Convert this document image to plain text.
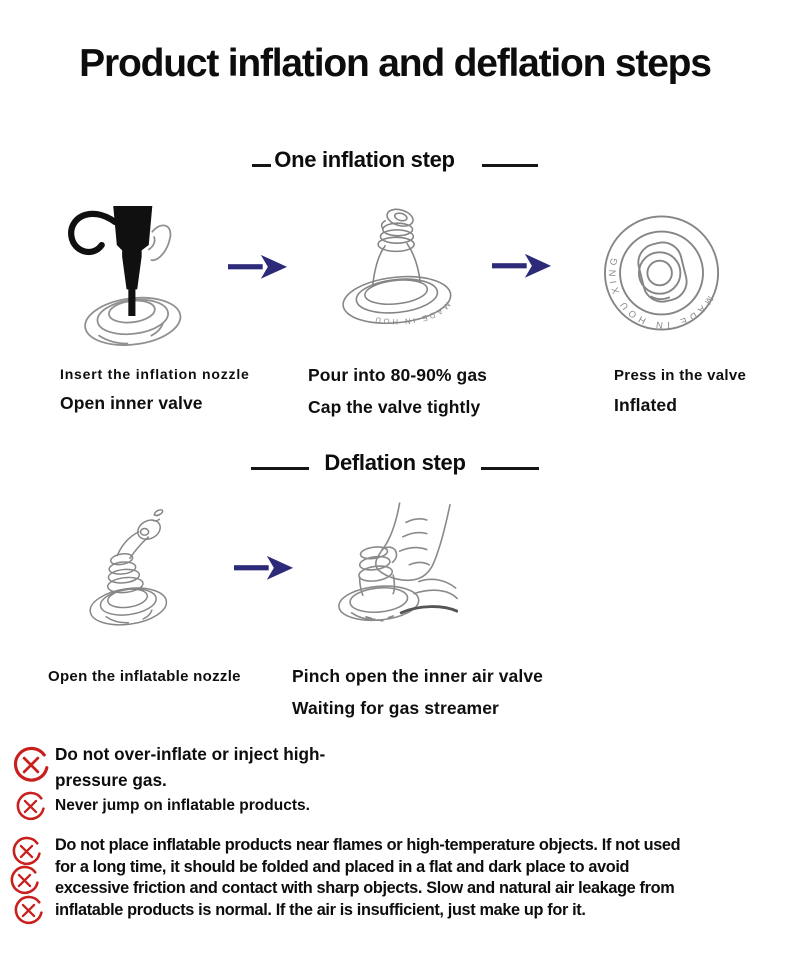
Product inflation and deflation steps
One inflation step
MADE IN HOU
MADE IN HOU XING
Insert the inflation nozzle
Open inner valve
Pour into 80-90% gas
Cap the valve tightly
Press in the valve
Inflated
Deflation step
Open the inflatable nozzle	Pinch open the inner air valve
Waiting for gas streamer
Do not over-inflate or inject high-
pressure gas.
Never jump on inflatable products.
Do not place inflatable products near flames or high-temperature objects. If not used
for a long time, it should be folded and placed in a flat and dark place to avoid
excessive friction and contact with sharp objects. Slow and natural air leakage from
inflatable products is normal. If the air is insufficient, just make up for it.
